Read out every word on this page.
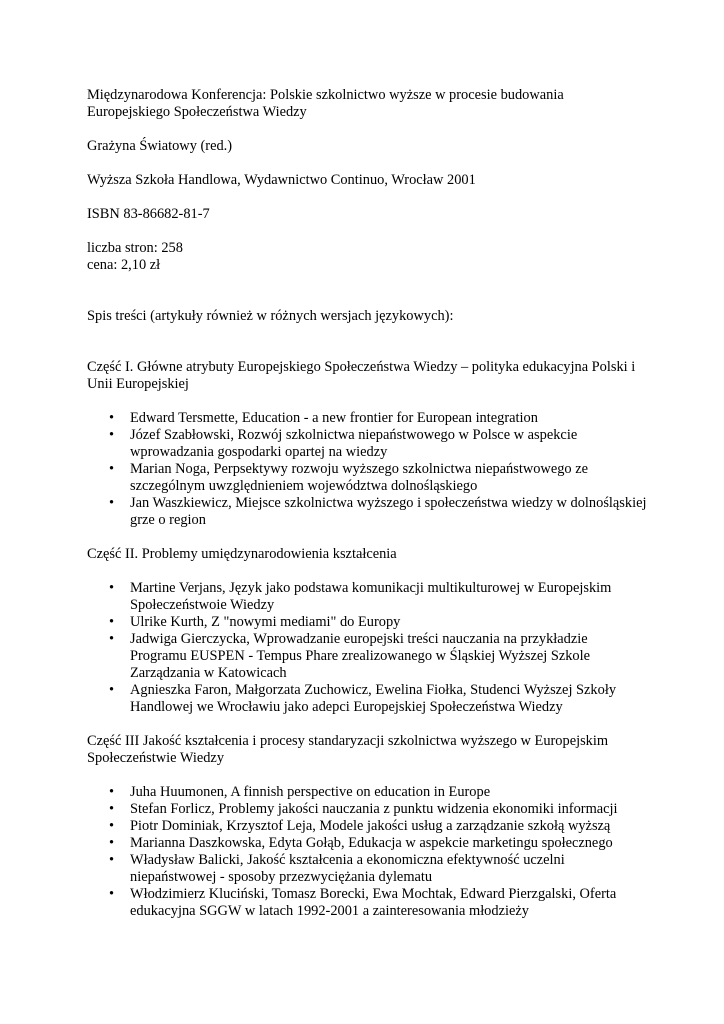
Międzynarodowa Konferencja: Polskie szkolnictwo wyższe w procesie budowania Europejskiego Społeczeństwa Wiedzy

Grażyna Światowy (red.)

Wyższa Szkoła Handlowa, Wydawnictwo Continuo, Wrocław 2001

ISBN 83-86682-81-7

liczba stron: 258

cena: 2,10 zł

Spis treści (artykuły również w różnych wersjach językowych):

Część I. Główne atrybuty Europejskiego Społeczeństwa Wiedzy – polityka edukacyjna Polski i Unii Europejskiej

• Edward Tersmette, Education - a new frontier for European integration
• Józef Szabłowski, Rozwój szkolnictwa niepaństwowego w Polsce w aspekcie wprowadzania gospodarki opartej na wiedzy
• Marian Noga, Perpsektywy rozwoju wyższego szkolnictwa niepaństwowego ze szczególnym uwzględnieniem województwa dolnośląskiego
• Jan Waszkiewicz, Miejsce szkolnictwa wyższego i społeczeństwa wiedzy w dolnośląskiej grze o region

Część II. Problemy umiędzynarodowienia kształcenia

• Martine Verjans, Język jako podstawa komunikacji multikulturowej w Europejskim Społeczeństwoie Wiedzy
• Ulrike Kurth, Z "nowymi mediami" do Europy
• Jadwiga Gierczycka, Wprowadzanie europejski treści nauczania na przykładzie Programu EUSPEN - Tempus Phare zrealizowanego w Śląskiej Wyższej Szkole Zarządzania w Katowicach
• Agnieszka Faron, Małgorzata Zuchowicz, Ewelina Fiołka, Studenci Wyższej Szkoły Handlowej we Wrocławiu jako adepci Europejskiej Społeczeństwa Wiedzy

Część III Jakość kształcenia i procesy standaryzacji szkolnictwa wyższego w Europejskim Społeczeństwie Wiedzy

• Juha Huumonen, A finnish perspective on education in Europe
• Stefan Forlicz, Problemy jakości nauczania z punktu widzenia ekonomiki informacji
• Piotr Dominiak, Krzysztof Leja, Modele jakości usług a zarządzanie szkołą wyższą
• Marianna Daszkowska, Edyta Gołąb, Edukacja w aspekcie marketingu społecznego
• Władysław Balicki, Jakość kształcenia a ekonomiczna efektywność uczelni niepaństwowej - sposoby przezwyciężania dylematu
• Włodzimierz Kluciński, Tomasz Borecki, Ewa Mochtak, Edward Pierzgalski, Oferta edukacyjna SGGW w latach 1992-2001 a zainteresowania młodzieży
